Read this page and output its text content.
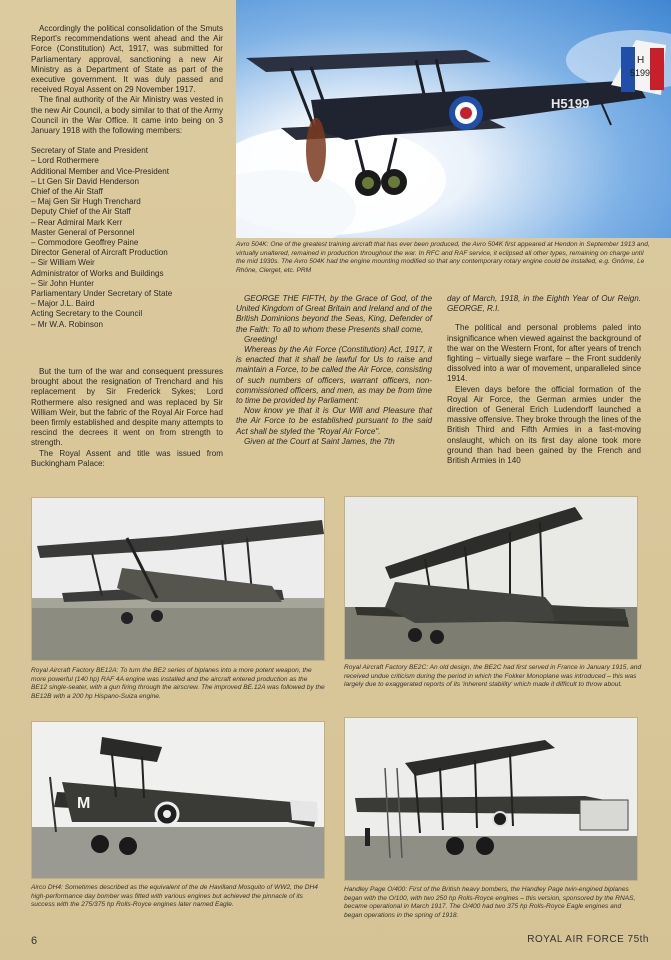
Accordingly the political consolidation of the Smuts Report's recommendations went ahead and the Air Force (Constitution) Act, 1917, was submitted for Parliamentary approval, sanctioning a new Air Ministry as a Department of State as part of the executive government. It was duly passed and received Royal Assent on 29 November 1917.

The final authority of the Air Ministry was vested in the new Air Council, a body similar to that of the Army Council in the War Office. It came into being on 3 January 1918 with the following members:

Secretary of State and President
– Lord Rothermere
Additional Member and Vice-President
– Lt Gen Sir David Henderson
Chief of the Air Staff
– Maj Gen Sir Hugh Trenchard
Deputy Chief of the Air Staff
– Rear Admiral Mark Kerr
Master General of Personnel
– Commodore Geoffrey Paine
Director General of Aircraft Production
– Sir William Weir
Administrator of Works and Buildings
– Sir John Hunter
Parliamentary Under Secretary of State
– Major J.L. Baird
Acting Secretary to the Council
– Mr W.A. Robinson

But the turn of the war and consequent pressures brought about the resignation of Trenchard and his replacement by Sir Frederick Sykes; Lord Rothermere also resigned and was replaced by Sir William Weir, but the fabric of the Royal Air Force had been firmly established and despite many attempts to rescind the decrees it went on from strength to strength.

The Royal Assent and title was issued from Buckingham Palace:

H
5199
H5199
Avro 504K: One of the greatest training aircraft that has ever been produced, the Avro 504K first appeared at Hendon in September 1913 and, virtually unaltered, remained in production throughout the war. In RFC and RAF service, it eclipsed all other types, remaining on charge until the mid 1930s. The Avro 504K had the engine mounting modified so that any contemporary rotary engine could be installed, e.g. Gnôme, Le Rhône, Clerget, etc. PRM

GEORGE THE FIFTH, by the Grace of God, of the United Kingdom of Great Britain and Ireland and of the British Dominions beyond the Seas, King, Defender of the Faith: To all to whom these Presents shall come,

Greeting!

Whereas by the Air Force (Constitution) Act, 1917, it is enacted that it shall be lawful for Us to raise and maintain a Force, to be called the Air Force, consisting of such numbers of officers, warrant officers, non-commissioned officers, and men, as may be from time to time be provided by Parliament:

Now know ye that it is Our Will and Pleasure that the Air Force to be established pursuant to the said Act shall be styled the "Royal Air Force".

Given at the Court at Saint James, the 7th

day of March, 1918, in the Eighth Year of Our Reign. GEORGE, R.I.

The political and personal problems paled into insignificance when viewed against the background of the war on the Western Front, for after years of trench fighting – virtually siege warfare – the Front suddenly dissolved into a war of movement, unparalleled since 1914.

Eleven days before the official formation of the Royal Air Force, the German armies under the direction of General Erich Ludendorff launched a massive offensive. They broke through the lines of the British Third and Fifth Armies in a fast-moving onslaught, which on its first day alone took more ground than had been gained by the French and British Armies in 140

Royal Aircraft Factory BE12A: To turn the BE2 series of biplanes into a more potent weapon, the more powerful (140 hp) RAF 4A engine was installed and the aircraft entered production as the BE12 single-seater, with a gun firing through the airscrew. The improved BE.12A was followed by the BE12B with a 200 hp Hispano-Suiza engine.
Royal Aircraft Factory BE2C: An old design, the BE2C had first served in France in January 1915, and received undue criticism during the period in which the Fokker Monoplane was introduced – this was largely due to exaggerated reports of its 'inherent stability' which made it difficult to throw about.
M
Airco DH4: Sometimes described as the equivalent of the de Havilland Mosquito of WW2, the DH4 high-performance day bomber was fitted with various engines but achieved the pinnacle of its success with the 275/375 hp Rolls-Royce engines later named Eagle.
Handley Page O/400: First of the British heavy bombers, the Handley Page twin-engined biplanes began with the O/100, with two 250 hp Rolls-Royce engines – this version, sponsored by the RNAS, became operational in March 1917. The O/400 had two 375 hp Rolls-Royce Eagle engines and began operations in the spring of 1918.
6	ROYAL AIR FORCE 75th
